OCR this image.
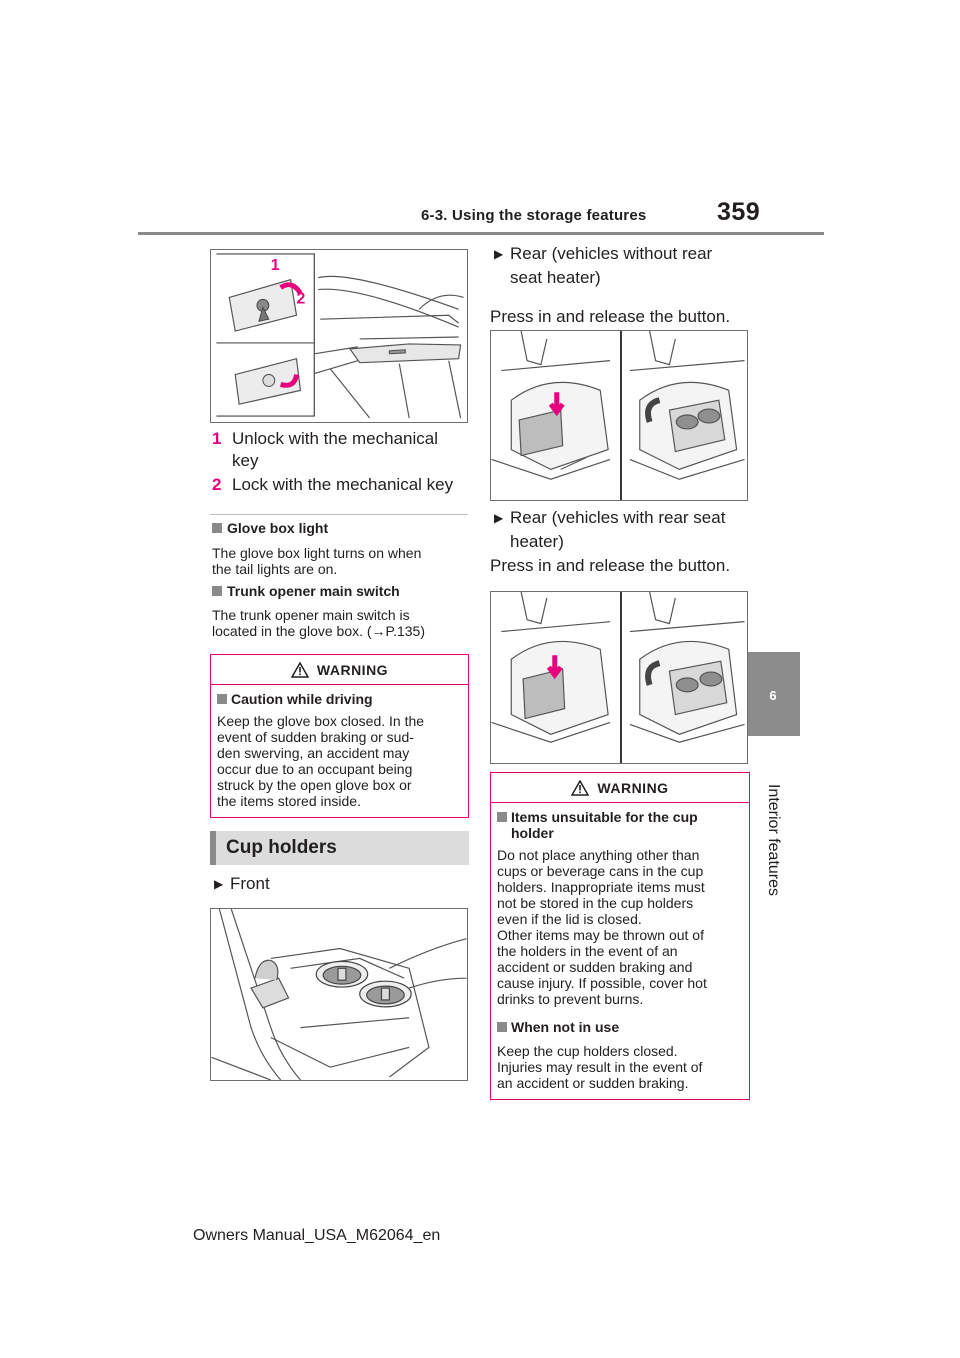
6-3. Using the storage features	359
6
Interior features
1
2
1 Unlock with the mechanical
key
2 Lock with the mechanical key
Glove box light
The glove box light turns on when
the tail lights are on.
Trunk opener main switch
The trunk opener main switch is
located in the glove box. (→P.135)
WARNING
Caution while driving
Keep the glove box closed. In the
event of sudden braking or sud-
den swerving, an accident may
occur due to an occupant being
struck by the open glove box or
the items stored inside.
Cup holders
▶ Front
▶ Rear (vehicles without rear
seat heater)
Press in and release the button.
▶ Rear (vehicles with rear seat
heater)
Press in and release the button.
WARNING
Items unsuitable for the cup
holder
Do not place anything other than
cups or beverage cans in the cup
holders. Inappropriate items must
not be stored in the cup holders
even if the lid is closed.
Other items may be thrown out of
the holders in the event of an
accident or sudden braking and
cause injury. If possible, cover hot
drinks to prevent burns.
When not in use
Keep the cup holders closed.
Injuries may result in the event of
an accident or sudden braking.
Owners Manual_USA_M62064_en
